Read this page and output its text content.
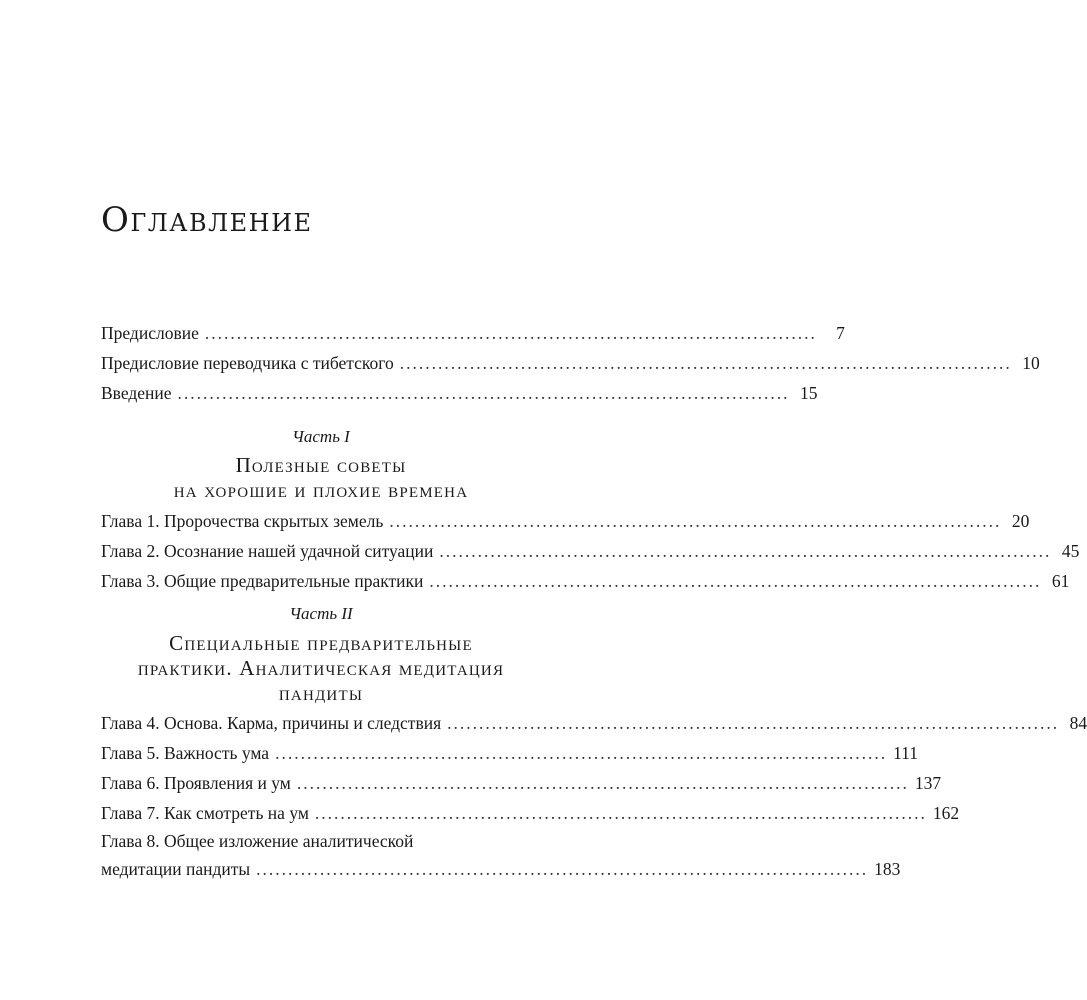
Оглавление
Предисловие ................................................................................................	7
Предисловие переводчика с тибетского ................................................................................................ 10
Введение ................................................................................................ 15
Часть I
Полезные советы
на хорошие и плохие времена
Глава 1. Пророчества скрытых земель ................................................................................................ 20
Глава 2. Осознание нашей удачной ситуации ................................................................................................ 45
Глава 3. Общие предварительные практики ................................................................................................ 61
Часть II
Специальные предварительные
практики. Аналитическая медитация
пандиты
Глава 4. Основа. Карма, причины и следствия ................................................................................................ 84
Глава 5. Важность ума ................................................................................................ 111
Глава 6. Проявления и ум ................................................................................................ 137
Глава 7. Как смотреть на ум ................................................................................................ 162
Глава 8. Общее изложение аналитической
медитации пандиты ................................................................................................ 183
